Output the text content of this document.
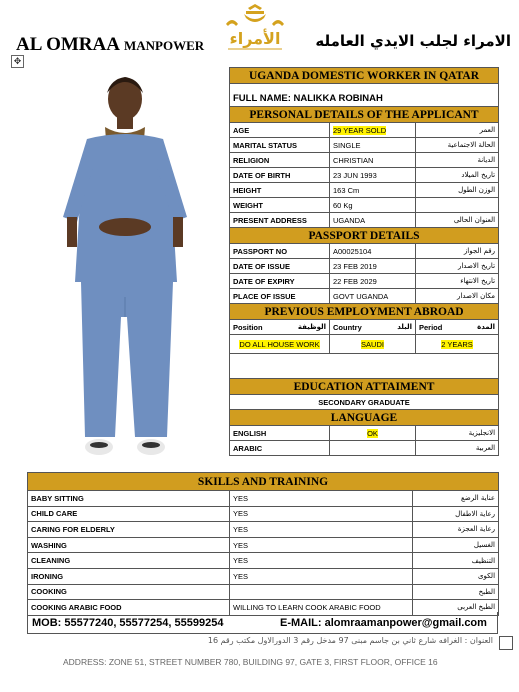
AL OMRAA MANPOWER الأمراء	الامراء لجلب الايدي العامله
✥
UGANDA DOMESTIC WORKER IN QATAR		

FULL NAME: NALIKKA ROBINAH		
PERSONAL DETAILS OF THE APPLICANT		
AGE	29 YEAR SOLD	العمر
MARITAL STATUS	SINGLE	الحالة الاجتماعية
RELIGION	CHRISTIAN	الديانة
DATE OF BIRTH	23 JUN 1993	تاريخ الميلاد
HEIGHT	163 Cm	الوزن الطول
WEIGHT	60 Kg	
PRESENT ADDRESS	UGANDA	العنوان الحالى
PASSPORT DETAILS		
PASSPORT NO	A00025104	رقم الجواز
DATE OF ISSUE	23 FEB 2019	تاريخ الاصدار
DATE OF EXPIRY	22 FEB 2029	تاريخ الانتهاء
PLACE OF ISSUE	GOVT UGANDA	مكان الاصدار
PREVIOUS EMPLOYMENT ABROAD		
Position الوظيفة	Country البلد	Period المدة

DO ALL HOUSE WORK	SAUDI	2 YEARS

EDUCATION ATTAIMENT		
SECONDARY GRADUATE		
LANGUAGE		
ENGLISH	OK	الانجليزية
ARABIC		العربية
SKILLS AND TRAINING		
BABY SITTING	YES	عناية الرضع
CHILD CARE	YES	رعاية الاطفال
CARING FOR ELDERLY	YES	رعاية العجزة
WASHING	YES	الغسيل
CLEANING	YES	التنظيف
IRONING	YES	الكوى
COOKING		الطبخ
COOKING ARABIC FOOD	WILLING TO LEARN COOK ARABIC FOOD	الطبخ العربى
MOB: 55577240, 55577254, 55599254	E-MAIL: alomraamanpower@gmail.com
العنوان : الغرافه شارع ثاني بن جاسم مبنى 97 مدخل رقم 3 الدورالاول مكتب رقم 16
ADDRESS: ZONE 51, STREET NUMBER 780, BUILDING 97, GATE 3, FIRST FLOOR, OFFICE 16
